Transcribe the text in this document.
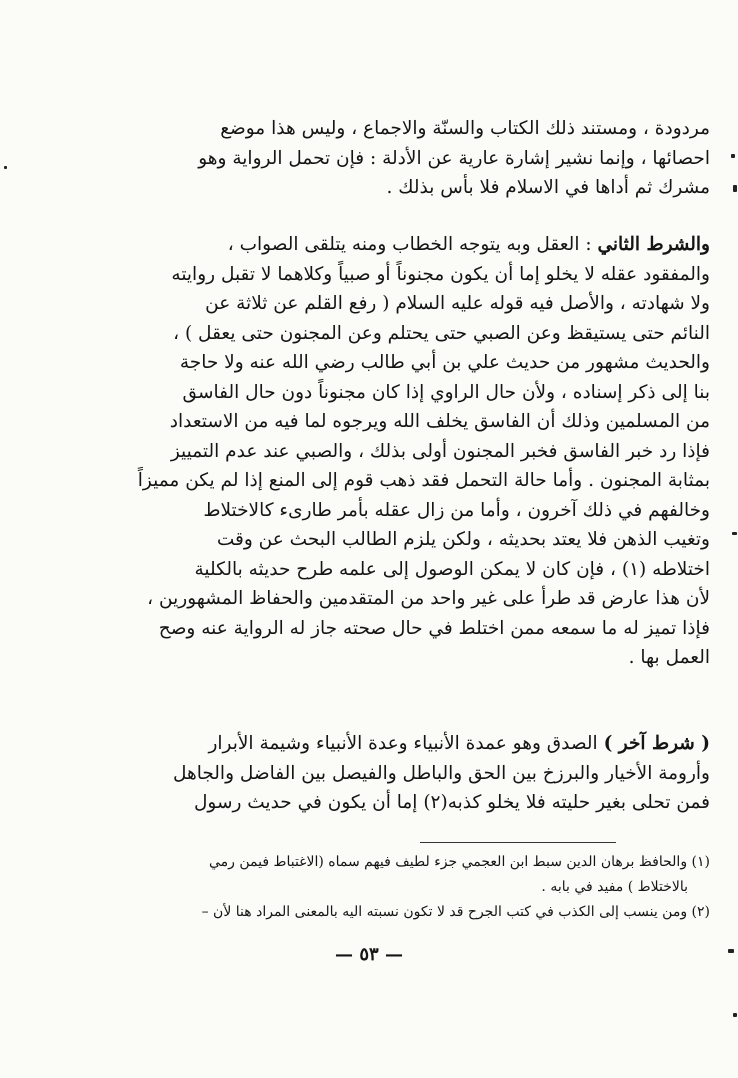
مردودة ، ومستند ذلك الكتاب والسنّة والاجماع ، وليس هذا موضع
احصائها ، وإنما نشير إشارة عارية عن الأدلة : فإن تحمل الرواية وهو
مشرك ثم أداها في الاسلام فلا بأس بذلك .
والشرط الثاني : العقل وبه يتوجه الخطاب ومنه يتلقى الصواب ،
والمفقود عقله لا يخلو إما أن يكون مجنوناً أو صبياً وكلاهما لا تقبل روايته
ولا شهادته ، والأصل فيه قوله عليه السلام ( رفع القلم عن ثلاثة عن
النائم حتى يستيقظ وعن الصبي حتى يحتلم وعن المجنون حتى يعقل ) ،
والحديث مشهور من حديث علي بن أبي طالب رضي الله عنه ولا حاجة
بنا إلى ذكر إسناده ، ولأن حال الراوي إذا كان مجنوناً دون حال الفاسق
من المسلمين وذلك أن الفاسق يخلف الله ويرجوه لما فيه من الاستعداد
فإذا رد خبر الفاسق فخبر المجنون أولى بذلك ، والصبي عند عدم التمييز
بمثابة المجنون . وأما حالة التحمل فقد ذهب قوم إلى المنع إذا لم يكن مميزاً
وخالفهم في ذلك آخرون ، وأما من زال عقله بأمر طارىء كالاختلاط
وتغيب الذهن فلا يعتد بحديثه ، ولكن يلزم الطالب البحث عن وقت
اختلاطه (١) ، فإن كان لا يمكن الوصول إلى علمه طرح حديثه بالكلية
لأن هذا عارض قد طرأ على غير واحد من المتقدمين والحفاظ المشهورين ،
فإذا تميز له ما سمعه ممن اختلط في حال صحته جاز له الرواية عنه وصح
العمل بها .
( شرط آخر ) الصدق وهو عمدة الأنبياء وعدة الأنبياء وشيمة الأبرار
وأرومة الأخيار والبرزخ بين الحق والباطل والفيصل بين الفاضل والجاهل
فمن تحلى بغير حليته فلا يخلو كذبه(٢) إما أن يكون في حديث رسول
(١) والحافظ برهان الدين سبط ابن العجمي جزء لطيف فيهم سماه (الاغتباط فيمن رمي
بالاختلاط ) مفيد في بابه .
(٢) ومن ينسب إلى الكذب في كتب الجرح قد لا تكون نسبته اليه بالمعنى المراد هنا لأن –
— ٥٣ —
